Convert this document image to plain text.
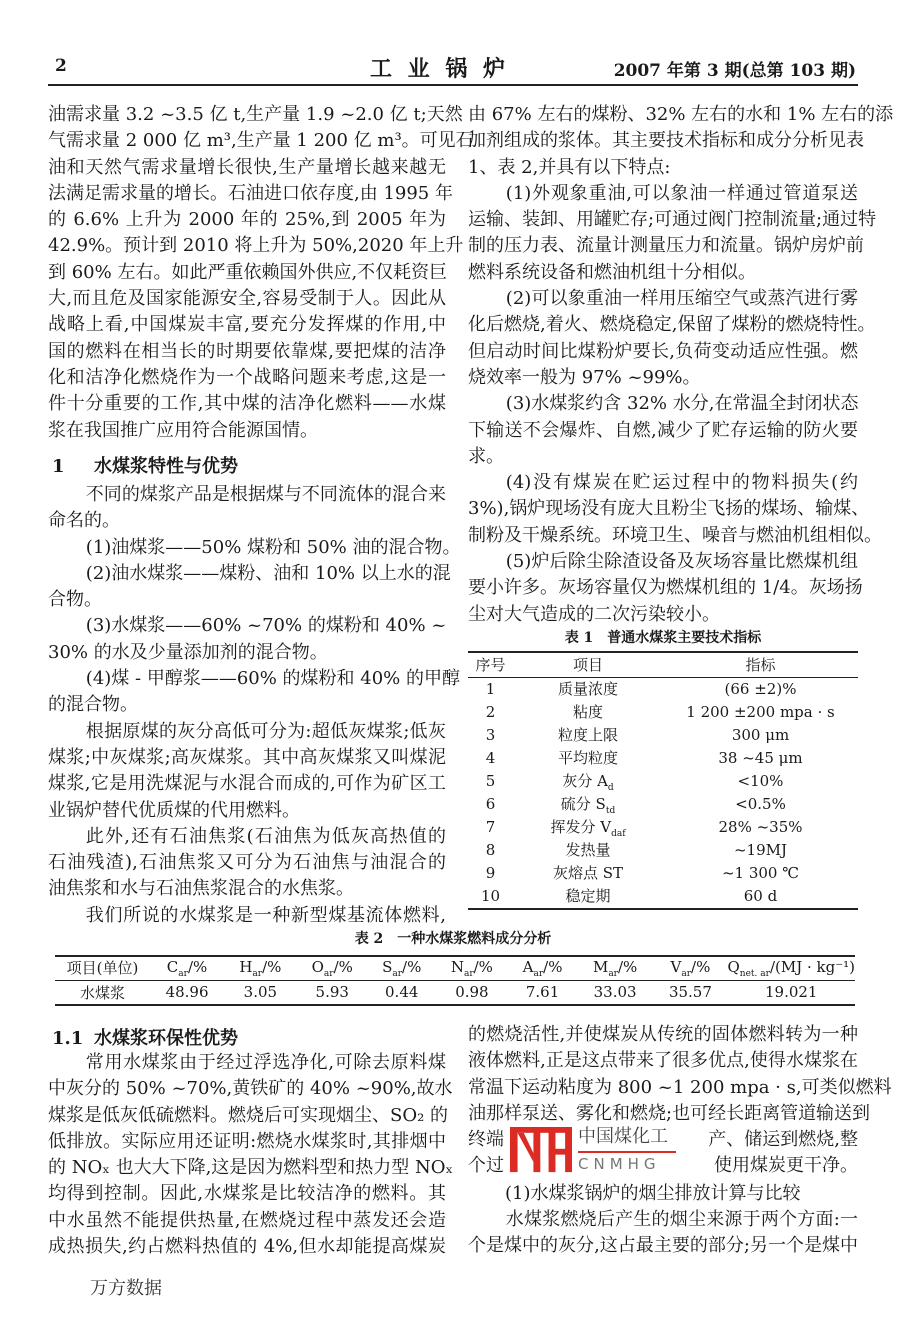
2	工 业 锅 炉	2007 年第 3 期(总第 103 期)
油需求量 3.2 ~3.5 亿 t,生产量 1.9 ~2.0 亿 t;天然
气需求量 2 000 亿 m³,生产量 1 200 亿 m³。可见石
油和天然气需求量增长很快,生产量增长越来越无
法满足需求量的增长。石油进口依存度,由 1995 年
的 6.6% 上升为 2000 年的 25%,到 2005 年为
42.9%。预计到 2010 将上升为 50%,2020 年上升
到 60% 左右。如此严重依赖国外供应,不仅耗资巨
大,而且危及国家能源安全,容易受制于人。因此从
战略上看,中国煤炭丰富,要充分发挥煤的作用,中
国的燃料在相当长的时期要依靠煤,要把煤的洁净
化和洁净化燃烧作为一个战略问题来考虑,这是一
件十分重要的工作,其中煤的洁净化燃料——水煤
浆在我国推广应用符合能源国情。
1 水煤浆特性与优势
不同的煤浆产品是根据煤与不同流体的混合来
命名的。
(1)油煤浆——50% 煤粉和 50% 油的混合物。
(2)油水煤浆——煤粉、油和 10% 以上水的混
合物。
(3)水煤浆——60% ~70% 的煤粉和 40% ~
30% 的水及少量添加剂的混合物。
(4)煤 - 甲醇浆——60% 的煤粉和 40% 的甲醇
的混合物。
根据原煤的灰分高低可分为:超低灰煤浆;低灰
煤浆;中灰煤浆;高灰煤浆。其中高灰煤浆又叫煤泥
煤浆,它是用洗煤泥与水混合而成的,可作为矿区工
业锅炉替代优质煤的代用燃料。
此外,还有石油焦浆(石油焦为低灰高热值的
石油残渣),石油焦浆又可分为石油焦与油混合的
油焦浆和水与石油焦浆混合的水焦浆。
我们所说的水煤浆是一种新型煤基流体燃料,
由 67% 左右的煤粉、32% 左右的水和 1% 左右的添
加剂组成的浆体。其主要技术指标和成分分析见表
1、表 2,并具有以下特点:
(1)外观象重油,可以象油一样通过管道泵送
运输、装卸、用罐贮存;可通过阀门控制流量;通过特
制的压力表、流量计测量压力和流量。锅炉房炉前
燃料系统设备和燃油机组十分相似。
(2)可以象重油一样用压缩空气或蒸汽进行雾
化后燃烧,着火、燃烧稳定,保留了煤粉的燃烧特性。
但启动时间比煤粉炉要长,负荷变动适应性强。燃
烧效率一般为 97% ~99%。
(3)水煤浆约含 32% 水分,在常温全封闭状态
下输送不会爆炸、自燃,减少了贮存运输的防火要
求。
(4)没有煤炭在贮运过程中的物料损失(约
3%),锅炉现场没有庞大且粉尘飞扬的煤场、输煤、
制粉及干燥系统。环境卫生、噪音与燃油机组相似。
(5)炉后除尘除渣设备及灰场容量比燃煤机组
要小许多。灰场容量仅为燃煤机组的 1/4。灰场扬
尘对大气造成的二次污染较小。
表 1　普通水煤浆主要技术指标
序号	项目	指标
1	质量浓度	(66 ±2)%
2	粘度	1 200 ±200 mpa · s
3	粒度上限	300 μm
4	平均粒度	38 ~45 μm
5	灰分 $A_d$	<10%
6	硫分 $S_{td}$	<0.5%
7	挥发分 $V_{daf}$	28% ~35%
8	发热量	~19MJ
9	灰熔点 ST	~1 300 ℃
10	稳定期	60 d
表 2　一种水煤浆燃料成分分析
项目(单位)	$C_{ar}/\%$	$H_{ar}/\%$	$O_{ar}/\%$	$S_{ar}/\%$	$N_{ar}/\%$	$A_{ar}/\%$	$M_{ar}/\%$	$V_{ar}/\%$	$Q_{net. ar}/(MJ \cdot kg^{-1})$
水煤浆	48.96	3.05	5.93	0.44	0.98	7.61	33.03	35.57	19.021
1.1 水煤浆环保性优势
常用水煤浆由于经过浮选净化,可除去原料煤
中灰分的 50% ~70%,黄铁矿的 40% ~90%,故水
煤浆是低灰低硫燃料。燃烧后可实现烟尘、SO₂ 的
低排放。实际应用还证明:燃烧水煤浆时,其排烟中
的 NOₓ 也大大下降,这是因为燃料型和热力型 NOₓ
均得到控制。因此,水煤浆是比较洁净的燃料。其
中水虽然不能提供热量,在燃烧过程中蒸发还会造
成热损失,约占燃料热值的 4%,但水却能提高煤炭
万方数据
的燃烧活性,并使煤炭从传统的固体燃料转为一种
液体燃料,正是这点带来了很多优点,使得水煤浆在
常温下运动粘度为 800 ~1 200 mpa · s,可类似燃料
油那样泵送、雾化和燃烧;也可经长距离管道输送到
终端	产、储运到燃烧,整
个过	使用煤炭更干净。
(1)水煤浆锅炉的烟尘排放计算与比较
水煤浆燃烧后产生的烟尘来源于两个方面:一
个是煤中的灰分,这占最主要的部分;另一个是煤中
中国煤化工
CNMHG
